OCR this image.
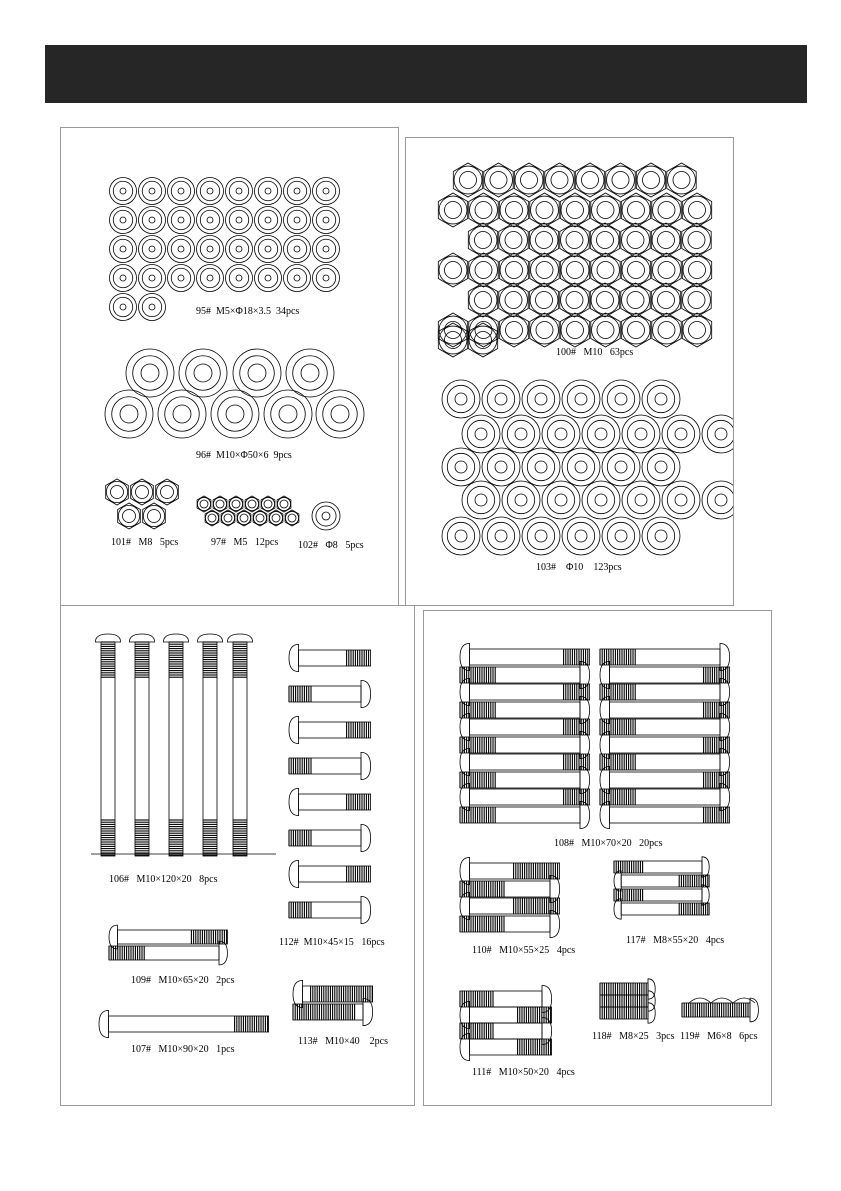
95# M5×Φ18×3.5 34pcs
96# M10×Φ50×6 9pcs
101# M8 5pcs	97# M5 12pcs 102# Φ8 5pcs
100# M10 63pcs
103# Φ10 123pcs
106# M10×120×20 8pcs
112# M10×45×15 16pcs
109# M10×65×20 2pcs
107# M10×90×20 1pcs
113# M10×40 2pcs
108# M10×70×20 20pcs
110# M10×55×25 4pcs
117# M8×55×20 4pcs
111# M10×50×20 4pcs
118# M8×25 3pcs 119# M6×8 6pcs
